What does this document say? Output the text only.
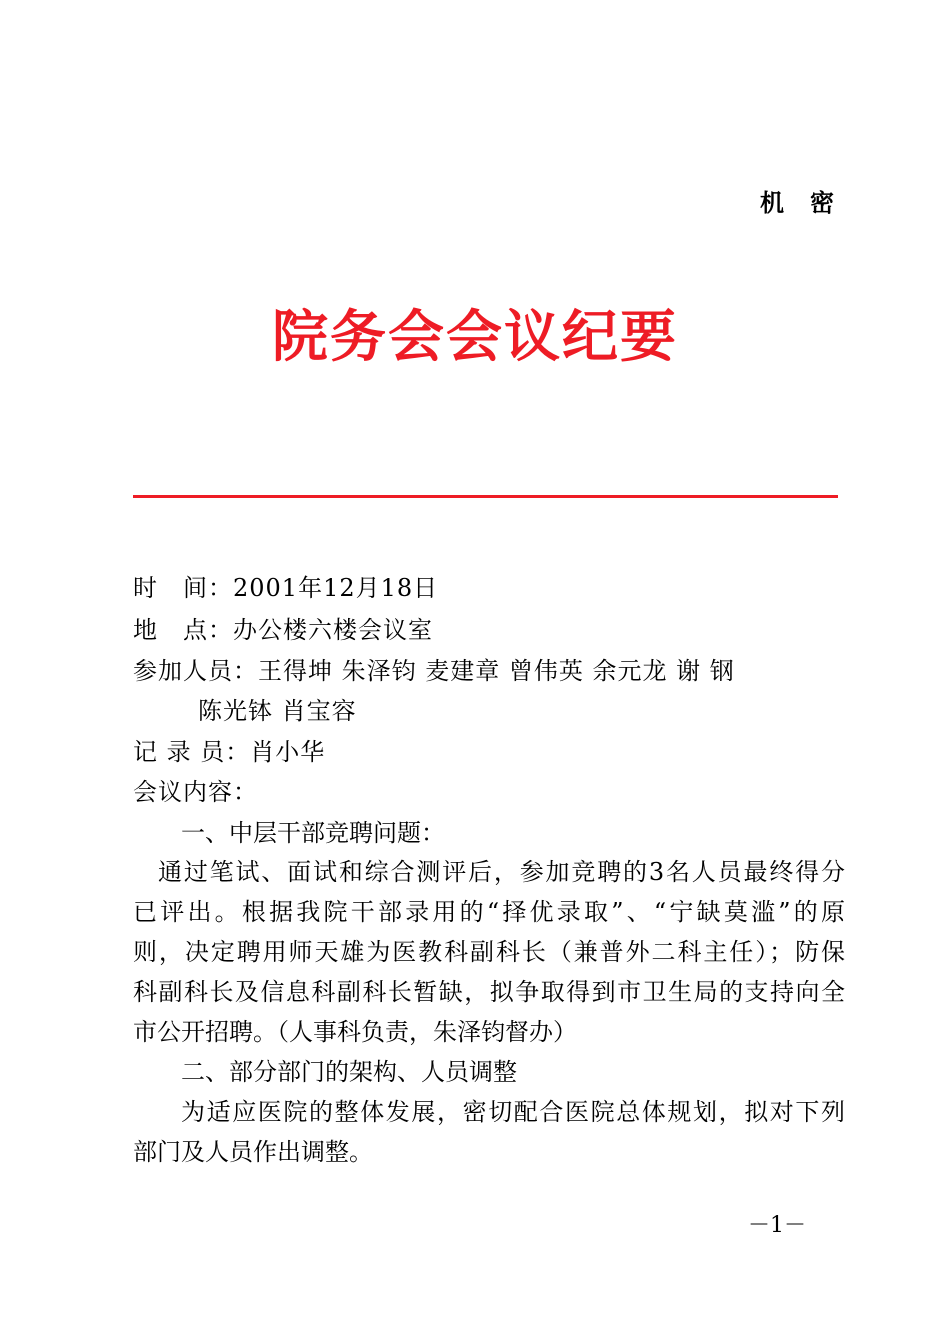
机密
院务会会议纪要
时　间：2001年12月18日
地　点：办公楼六楼会议室
参加人员：王得坤 朱泽钧 麦建章 曾伟英 余元龙 谢 钢
陈光钵 肖宝容
记 录 员：肖小华
会议内容：
一、中层干部竞聘问题：
通过笔试、面试和综合测评后，参加竞聘的3名人员最终得分
已评出。根据我院干部录用的“择优录取”、“宁缺莫滥”的原
则，决定聘用师天雄为医教科副科长（兼普外二科主任）；防保
科副科长及信息科副科长暂缺，拟争取得到市卫生局的支持向全
市公开招聘。（人事科负责，朱泽钧督办）
二、部分部门的架构、人员调整
为适应医院的整体发展，密切配合医院总体规划，拟对下列
部门及人员作出调整。
－1－
